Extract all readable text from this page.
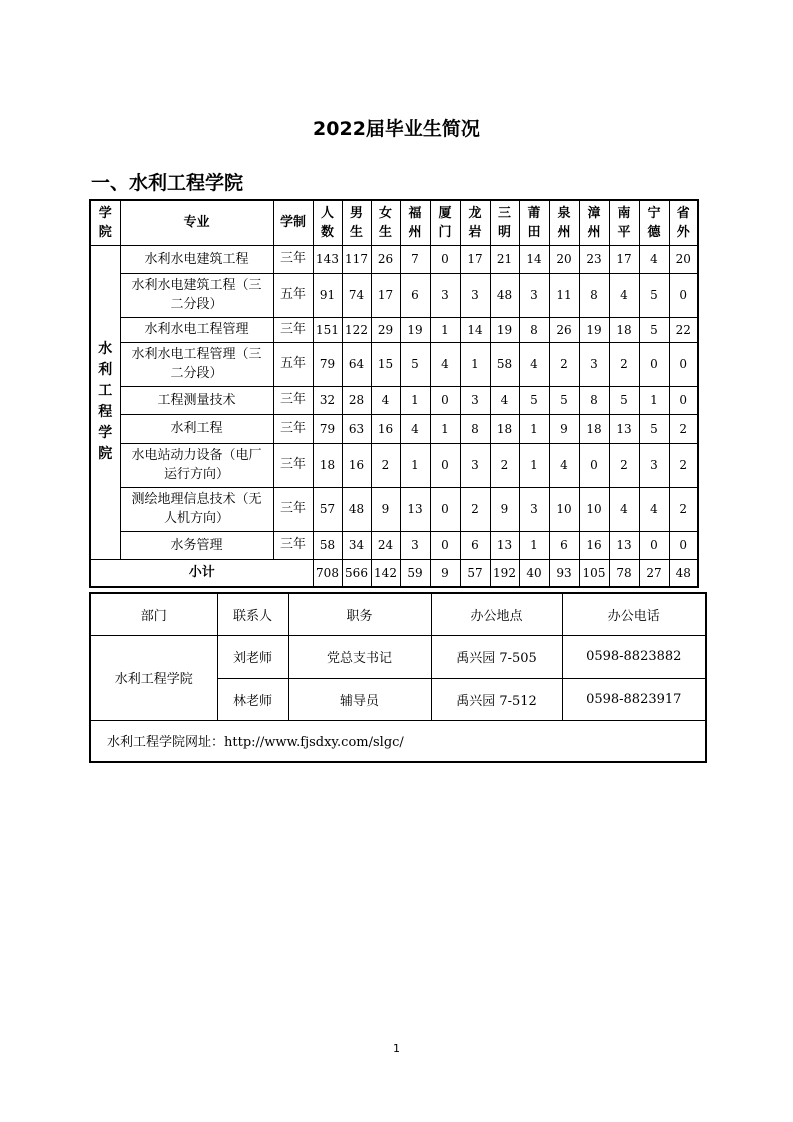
2022届毕业生简况
一、水利工程学院
学院	专业	学制	人数	男生	女生	福州	厦门	龙岩	三明	莆田	泉州	漳州	南平	宁德	省外
水利工程学院	水利水电建筑工程	三年	143	117	26	7	0	17	21	14	20	23	17	4	20
	水利水电建筑工程（三二分段）	五年	91	74	17	6	3	3	48	3	11	8	4	5	0
	水利水电工程管理	三年	151	122	29	19	1	14	19	8	26	19	18	5	22
	水利水电工程管理（三二分段）	五年	79	64	15	5	4	1	58	4	2	3	2	0	0
	工程测量技术	三年	32	28	4	1	0	3	4	5	5	8	5	1	0
	水利工程	三年	79	63	16	4	1	8	18	1	9	18	13	5	2
	水电站动力设备（电厂运行方向）	三年	18	16	2	1	0	3	2	1	4	0	2	3	2
	测绘地理信息技术（无人机方向）	三年	57	48	9	13	0	2	9	3	10	10	4	4	2
	水务管理	三年	58	34	24	3	0	6	13	1	6	16	13	0	0
小计			708	566	142	59	9	57	192	40	93	105	78	27	48
部门	联系人	职务	办公地点	办公电话
水利工程学院	刘老师	党总支书记	禹兴园 7-505	0598-8823882
	林老师	辅导员	禹兴园 7-512	0598-8823917
水利工程学院网址：http://www.fjsdxy.com/slgc/				
1
